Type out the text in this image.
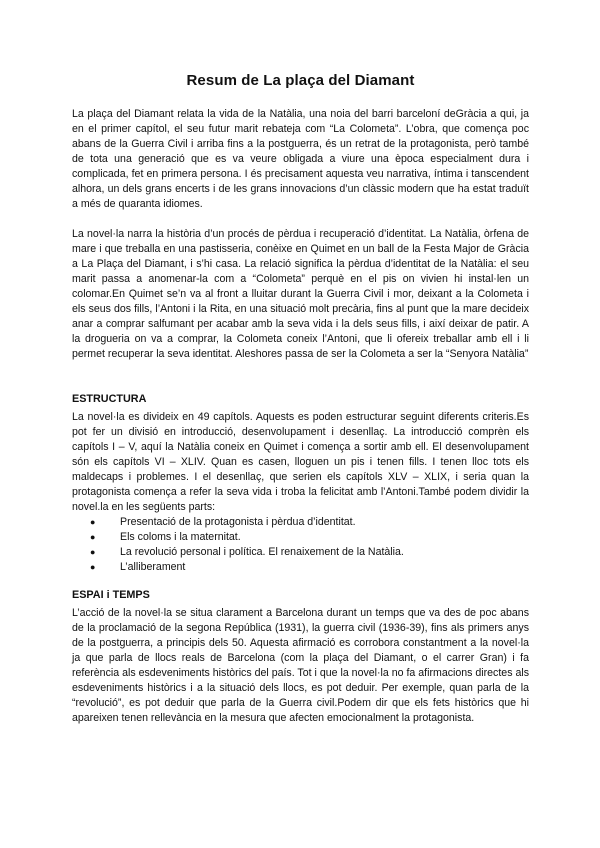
Resum de La plaça del Diamant

La plaça del Diamant relata la vida de la Natàlia, una noia del barri barceloní deGràcia a qui, ja en el primer capítol, el seu futur marit rebateja com “La Colometa”. L’obra, que comença poc abans de la Guerra Civil i arriba fins a la postguerra, és un retrat de la protagonista, però també de tota una generació que es va veure obligada a viure una època especialment dura i complicada, fet en primera persona. I és precisament aquesta veu narrativa, íntima i tanscendent alhora, un dels grans encerts i de les grans innovacions d’un clàssic modern que ha estat traduït a més de quaranta idiomes.

La novel·la narra la història d’un procés de pèrdua i recuperació d’identitat. La Natàlia, òrfena de mare i que treballa en una pastisseria, conèixe en Quimet en un ball de la Festa Major de Gràcia a La Plaça del Diamant, i s’hi casa. La relació significa la pèrdua d’identitat de la Natàlia: el seu marit passa a anomenar-la com a “Colometa” perquè en el pis on vivien hi instal·len un colomar.En Quimet se’n va al front a lluitar durant la Guerra Civil i mor, deixant a la Colometa i els seus dos fills, l’Antoni i la Rita, en una situació molt precària, fins al punt que la mare decideix anar a comprar salfumant per acabar amb la seva vida i la dels seus fills, i així deixar de patir. A la drogueria on va a comprar, la Colometa coneix l’Antoni, que li ofereix treballar amb ell i li permet recuperar la seva identitat. Aleshores passa de ser la Colometa a ser la “Senyora Natàlia”

ESTRUCTURA

La novel·la es divideix en 49 capítols. Aquests es poden estructurar seguint diferents criteris.Es pot fer un divisió en introducció, desenvolupament i desenllaç. La introducció comprèn els capítols I – V, aquí la Natàlia coneix en Quimet i comença a sortir amb ell. El desenvolupament són els capítols VI – XLIV. Quan es casen, lloguen un pis i tenen fills. I tenen lloc tots els maldecaps i problemes. I el desenllaç, que serien els capítols XLV – XLIX, i seria quan la protagonista comença a refer la seva vida i troba la felicitat amb l’Antoni.També podem dividir la novel.la en les següents parts:

● Presentació de la protagonista i pèrdua d’identitat.
● Els coloms i la maternitat.
● La revolució personal i política. El renaixement de la Natàlia.
● L’alliberament
ESPAI i TEMPS

L’acció de la novel·la se situa clarament a Barcelona durant un temps que va des de poc abans de la proclamació de la segona República (1931), la guerra civil (1936-39), fins als primers anys de la postguerra, a principis dels 50. Aquesta afirmació es corrobora constantment a la novel·la ja que parla de llocs reals de Barcelona (com la plaça del Diamant, o el carrer Gran) i fa referència als esdeveniments històrics del país. Tot i que la novel·la no fa afirmacions directes als esdeveniments històrics i a la situació dels llocs, es pot deduir. Per exemple, quan parla de la “revolució”, es pot deduir que parla de la Guerra civil.Podem dir que els fets històrics que hi apareixen tenen rellevància en la mesura que afecten emocionalment la protagonista.
